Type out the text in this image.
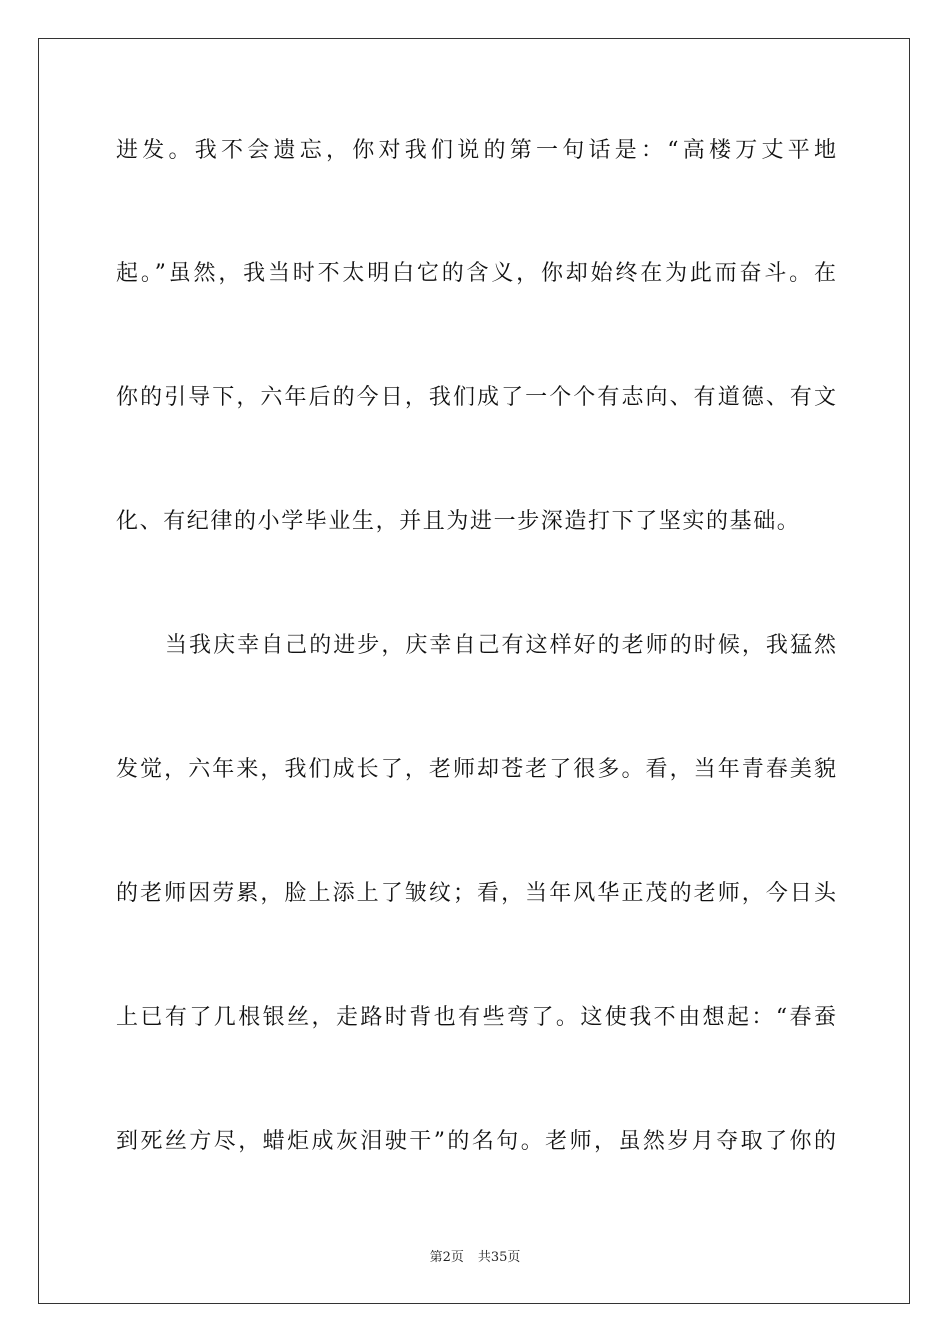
进发。我不会遗忘，你对我们说的第一句话是：“高楼万丈平地
起。”虽然，我当时不太明白它的含义，你却始终在为此而奋斗。在
你的引导下，六年后的今日，我们成了一个个有志向、有道德、有文
化、有纪律的小学毕业生，并且为进一步深造打下了坚实的基础。
当我庆幸自己的进步，庆幸自己有这样好的老师的时候，我猛然
发觉，六年来，我们成长了，老师却苍老了很多。看，当年青春美貌
的老师因劳累，脸上添上了皱纹；看，当年风华正茂的老师，今日头
上已有了几根银丝，走路时背也有些弯了。这使我不由想起：“春蚕
到死丝方尽，蜡炬成灰泪驶干”的名句。老师，虽然岁月夺取了你的
第2页 共35页
